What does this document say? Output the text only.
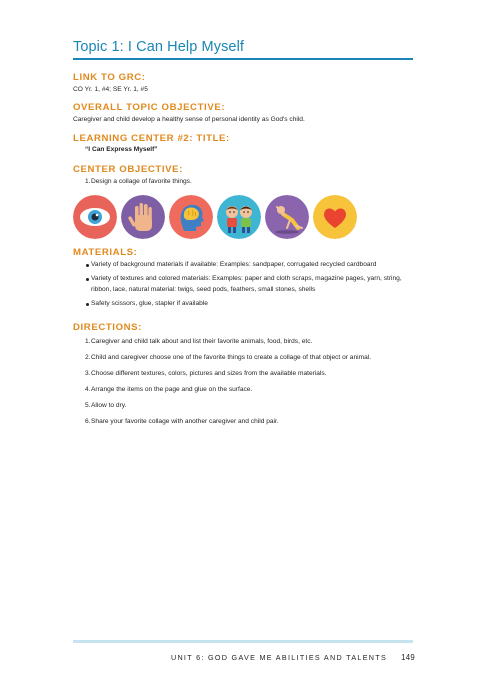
Topic 1: I Can Help Myself
LINK TO GRC:

CO Yr. 1, #4; SE Yr. 1, #5

OVERALL TOPIC OBJECTIVE:

Caregiver and child develop a healthy sense of personal identity as God's child.

LEARNING CENTER #2: TITLE:

“I Can Express Myself”

CENTER OBJECTIVE:
1. Design a collage of favorite things.
MATERIALS:
Variety of background materials if available: Examples: sandpaper, corrugated recycled cardboard
Variety of textures and colored materials: Examples: paper and cloth scraps, magazine pages, yarn, string, ribbon, lace, natural material: twigs, seed pods, feathers, small stones, shells
Safety scissors, glue, stapler if available
DIRECTIONS:
1. Caregiver and child talk about and list their favorite animals, food, birds, etc.
2. Child and caregiver choose one of the favorite things to create a collage of that object or animal.
3. Choose different textures, colors, pictures and sizes from the available materials.
4. Arrange the items on the page and glue on the surface.
5. Allow to dry.
6. Share your favorite collage with another caregiver and child pair.
UNIT 6: GOD GAVE ME ABILITIES AND TALENTS 149
